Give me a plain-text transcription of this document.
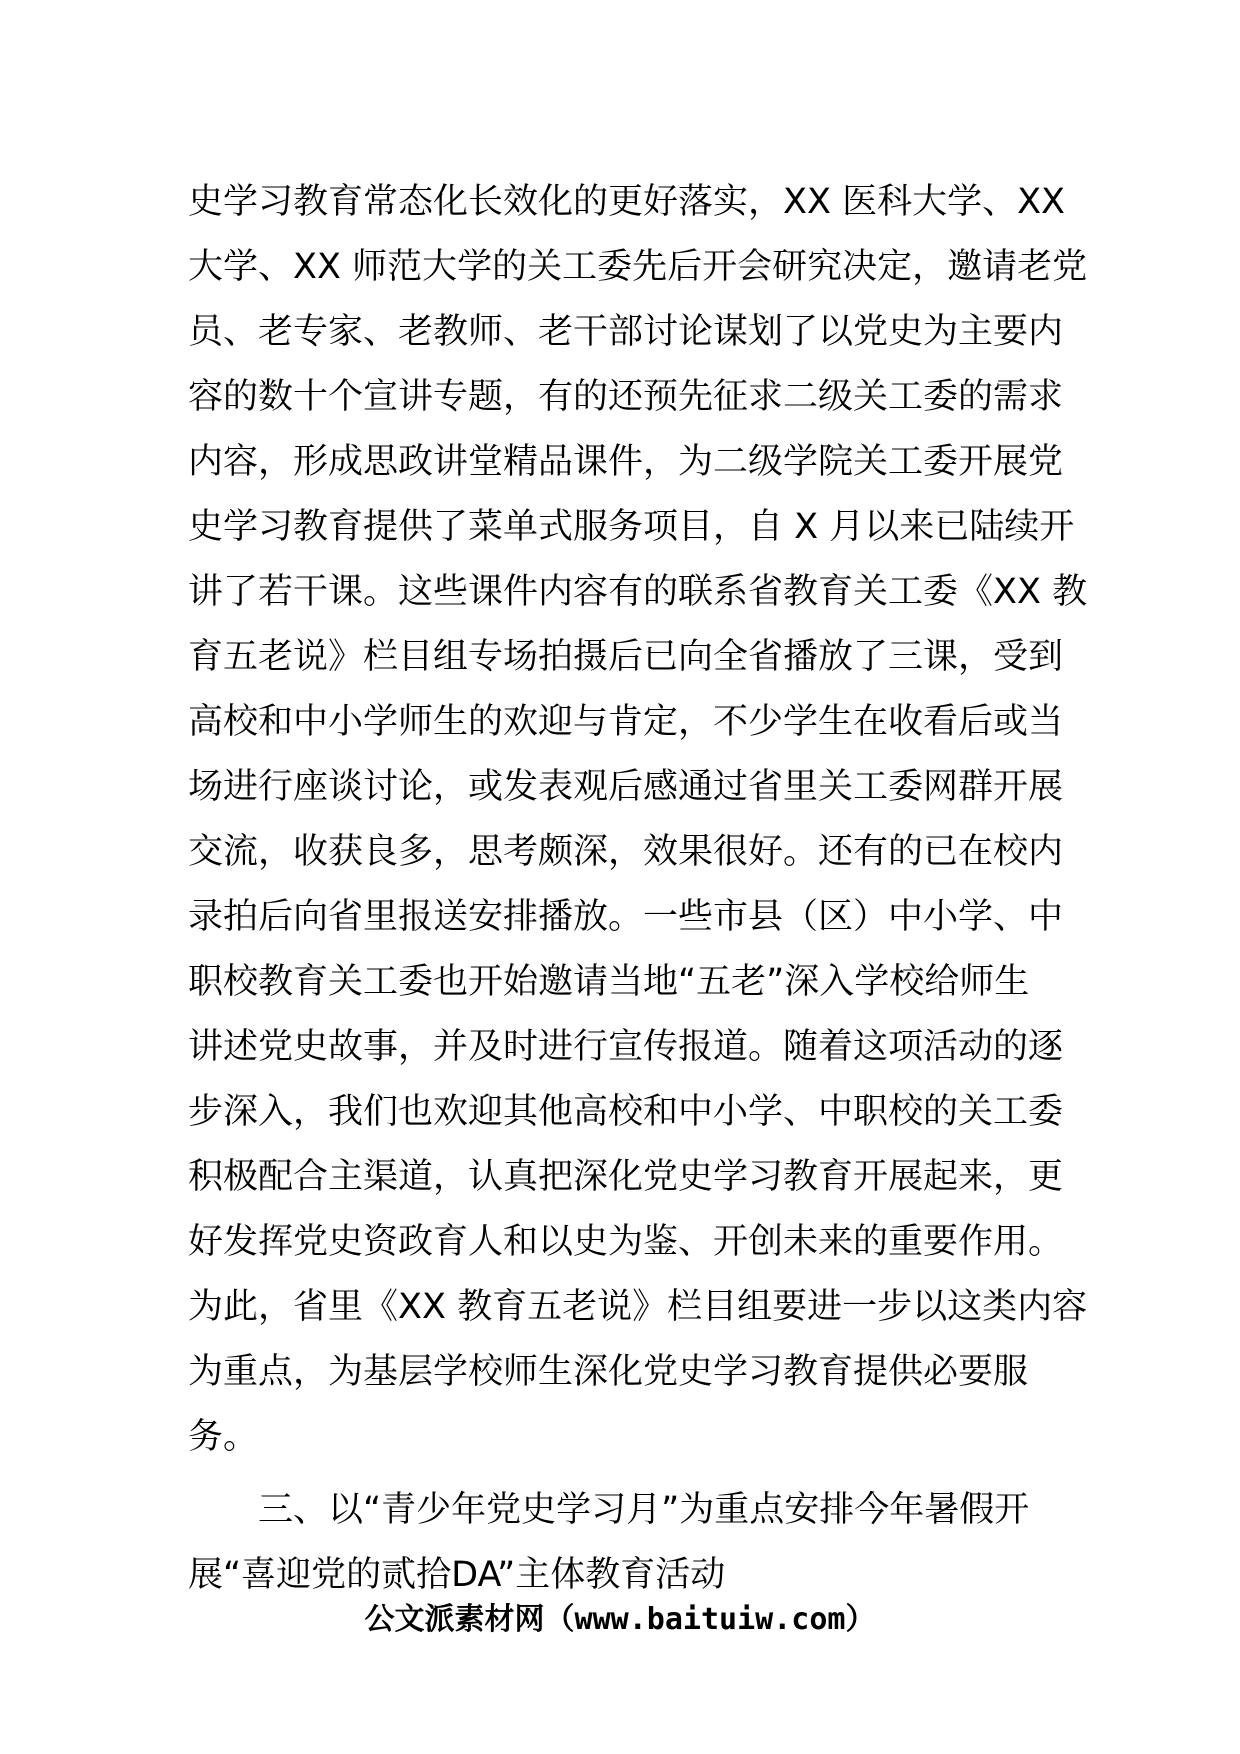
史学习教育常态化长效化的更好落实，XX 医科大学、XX
大学、XX 师范大学的关工委先后开会研究决定，邀请老党
员、老专家、老教师、老干部讨论谋划了以党史为主要内
容的数十个宣讲专题，有的还预先征求二级关工委的需求
内容，形成思政讲堂精品课件，为二级学院关工委开展党
史学习教育提供了菜单式服务项目，自 X 月以来已陆续开
讲了若干课。这些课件内容有的联系省教育关工委《XX 教
育五老说》栏目组专场拍摄后已向全省播放了三课，受到
高校和中小学师生的欢迎与肯定，不少学生在收看后或当
场进行座谈讨论，或发表观后感通过省里关工委网群开展
交流，收获良多，思考颇深，效果很好。还有的已在校内
录拍后向省里报送安排播放。一些市县（区）中小学、中
职校教育关工委也开始邀请当地“五老”深入学校给师生
讲述党史故事，并及时进行宣传报道。随着这项活动的逐
步深入，我们也欢迎其他高校和中小学、中职校的关工委
积极配合主渠道，认真把深化党史学习教育开展起来，更
好发挥党史资政育人和以史为鉴、开创未来的重要作用。
为此，省里《XX 教育五老说》栏目组要进一步以这类内容
为重点，为基层学校师生深化党史学习教育提供必要服
务。
　　三、以“青少年党史学习月”为重点安排今年暑假开
展“喜迎党的贰拾DA”主体教育活动
公文派素材网（www.baituiw.com）
